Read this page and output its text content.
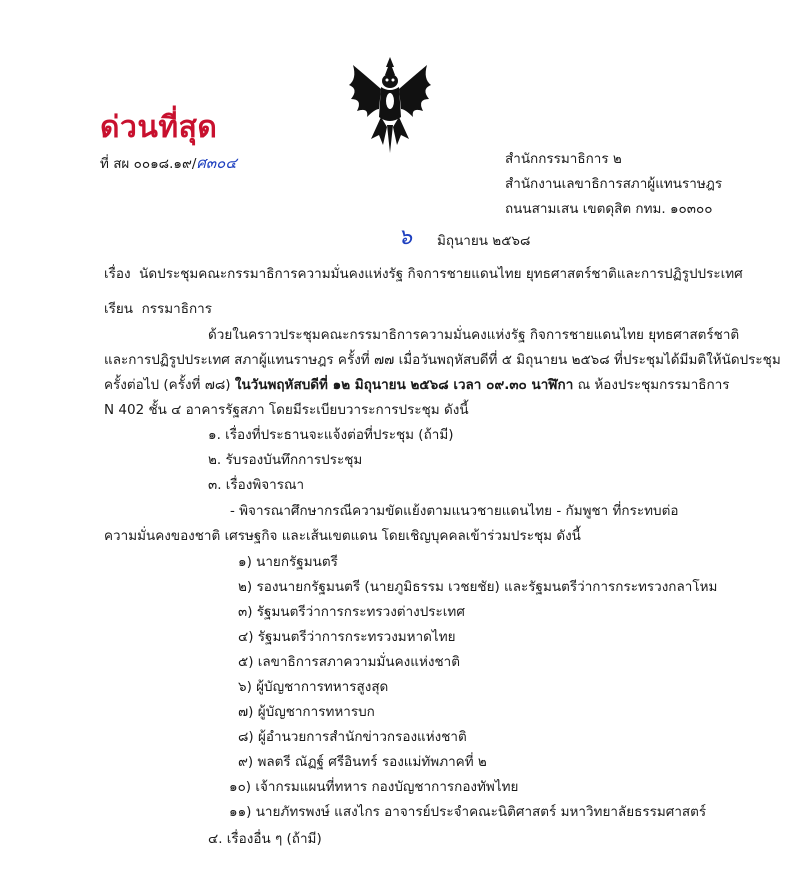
ด่วนที่สุด
ที่ สผ ๐๐๑๘.๑๙/ศ๓๐๔	สำนักกรรมาธิการ ๒
สำนักงานเลขาธิการสภาผู้แทนราษฎร
ถนนสามเสน เขตดุสิต กทม. ๑๐๓๐๐
๖ มิถุนายน ๒๕๖๘
เรื่อง นัดประชุมคณะกรรมาธิการความมั่นคงแห่งรัฐ กิจการชายแดนไทย ยุทธศาสตร์ชาติและการปฏิรูปประเทศ
เรียน กรรมาธิการ
ด้วยในคราวประชุมคณะกรรมาธิการความมั่นคงแห่งรัฐ กิจการชายแดนไทย ยุทธศาสตร์ชาติ
และการปฏิรูปประเทศ สภาผู้แทนราษฎร ครั้งที่ ๗๗ เมื่อวันพฤหัสบดีที่ ๕ มิถุนายน ๒๕๖๘ ที่ประชุมได้มีมติให้นัดประชุม
ครั้งต่อไป (ครั้งที่ ๗๘) ในวันพฤหัสบดีที่ ๑๒ มิถุนายน ๒๕๖๘ เวลา ๐๙.๓๐ นาฬิกา ณ ห้องประชุมกรรมาธิการ
N 402 ชั้น ๔ อาคารรัฐสภา โดยมีระเบียบวาระการประชุม ดังนี้
๑. เรื่องที่ประธานจะแจ้งต่อที่ประชุม (ถ้ามี)
๒. รับรองบันทึกการประชุม
๓. เรื่องพิจารณา
- พิจารณาศึกษากรณีความขัดแย้งตามแนวชายแดนไทย - กัมพูชา ที่กระทบต่อ
ความมั่นคงของชาติ เศรษฐกิจ และเส้นเขตแดน โดยเชิญบุคคลเข้าร่วมประชุม ดังนี้
๑) นายกรัฐมนตรี
๒) รองนายกรัฐมนตรี (นายภูมิธรรม เวชยชัย) และรัฐมนตรีว่าการกระทรวงกลาโหม
๓) รัฐมนตรีว่าการกระทรวงต่างประเทศ
๔) รัฐมนตรีว่าการกระทรวงมหาดไทย
๕) เลขาธิการสภาความมั่นคงแห่งชาติ
๖) ผู้บัญชาการทหารสูงสุด
๗) ผู้บัญชาการทหารบก
๘) ผู้อำนวยการสำนักข่าวกรองแห่งชาติ
๙) พลตรี ณัฏฐ์ ศรีอินทร์ รองแม่ทัพภาคที่ ๒
๑๐) เจ้ากรมแผนที่ทหาร กองบัญชาการกองทัพไทย
๑๑) นายภัทรพงษ์ แสงไกร อาจารย์ประจำคณะนิติศาสตร์ มหาวิทยาลัยธรรมศาสตร์
๔. เรื่องอื่น ๆ (ถ้ามี)
